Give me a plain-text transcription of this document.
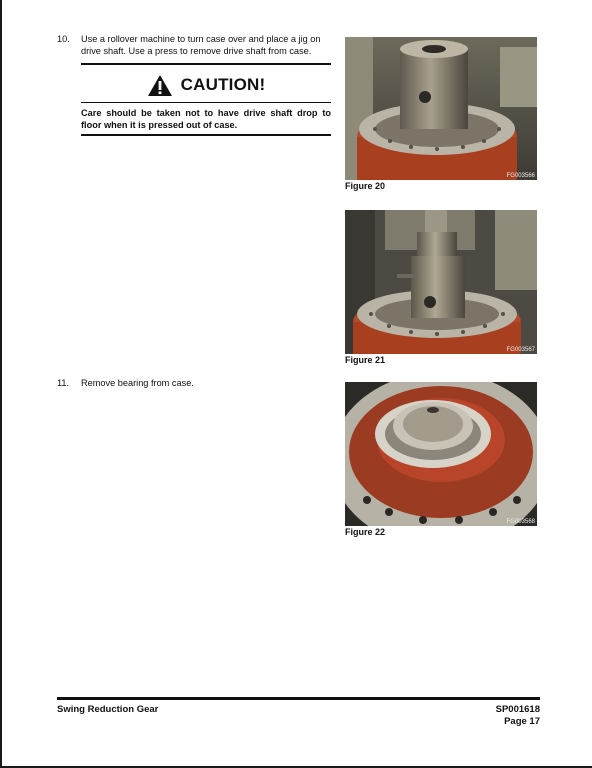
10.	Use a rollover machine to turn case over and place a jig on
drive shaft. Use a press to remove drive shaft from case.
CAUTION!
Care should be taken not to have drive shaft drop to floor when it is pressed out of case.
FG003566
Figure 20
FG003567
Figure 21
11.	Remove bearing from case.
FG003568
Figure 22
Swing Reduction Gear	SP001618
Page 17
